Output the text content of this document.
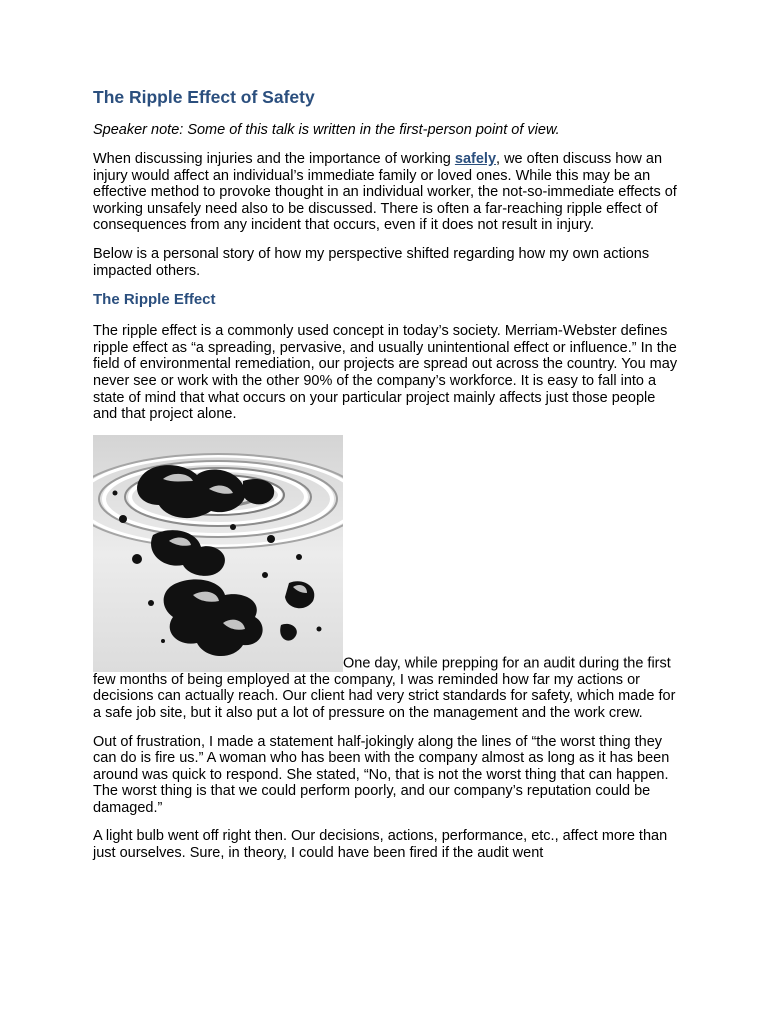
The Ripple Effect of Safety
Speaker note: Some of this talk is written in the first-person point of view.

When discussing injuries and the importance of working safely, we often discuss how an injury would affect an individual’s immediate family or loved ones. While this may be an effective method to provoke thought in an individual worker, the not-so-immediate effects of working unsafely need also to be discussed. There is often a far-reaching ripple effect of consequences from any incident that occurs, even if it does not result in injury.

Below is a personal story of how my perspective shifted regarding how my own actions impacted others.

The Ripple Effect

The ripple effect is a commonly used concept in today’s society. Merriam-Webster defines ripple effect as “a spreading, pervasive, and usually unintentional effect or influence.” In the field of environmental remediation, our projects are spread out across the country. You may never see or work with the other 90% of the company’s workforce. It is easy to fall into a state of mind that what occurs on your particular project mainly affects just those people and that project alone.

One day, while prepping for an audit during the first few months of being employed at the company, I was reminded how far my actions or decisions can actually reach. Our client had very strict standards for safety, which made for a safe job site, but it also put a lot of pressure on the management and the work crew.

Out of frustration, I made a statement half-jokingly along the lines of “the worst thing they can do is fire us.” A woman who has been with the company almost as long as it has been around was quick to respond. She stated, “No, that is not the worst thing that can happen. The worst thing is that we could perform poorly, and our company’s reputation could be damaged.”

A light bulb went off right then. Our decisions, actions, performance, etc., affect more than just ourselves. Sure, in theory, I could have been fired if the audit went
